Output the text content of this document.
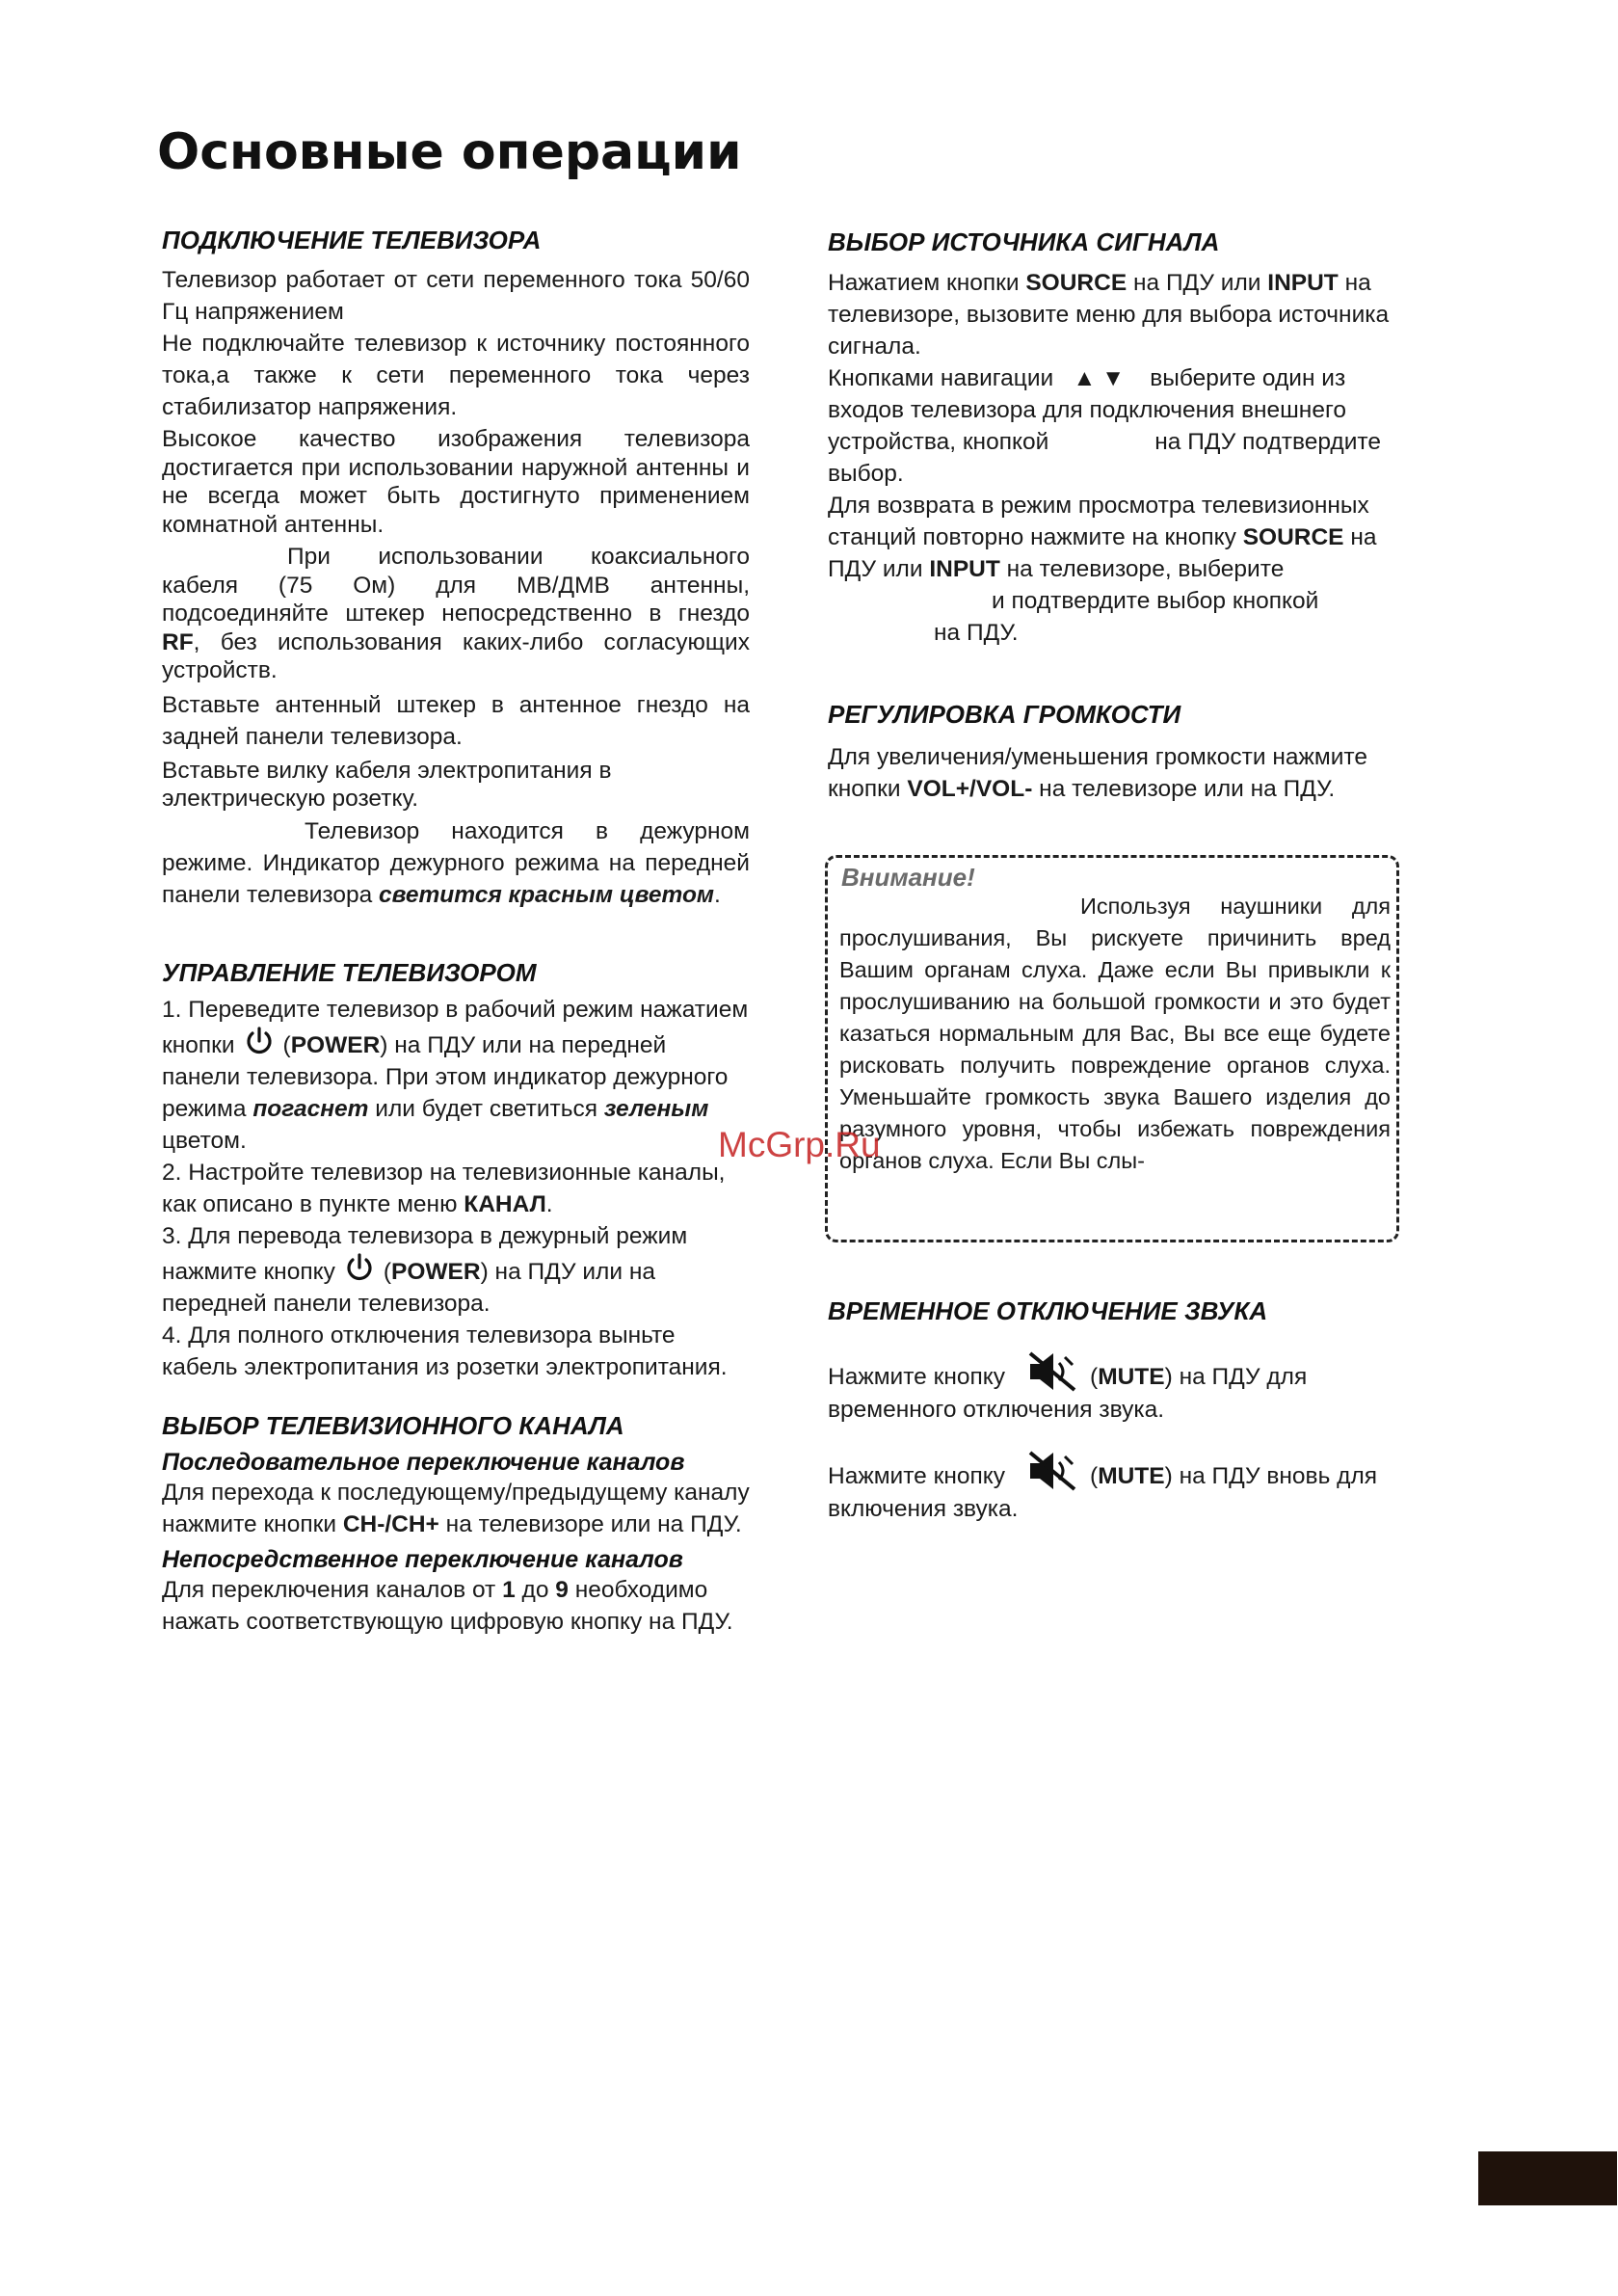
Основные операции
ПОДКЛЮЧЕНИЕ ТЕЛЕВИЗОРА

Телевизор работает от сети переменного тока 50/60 Гц напряжением

Не подключайте телевизор к источнику постоянного тока,а также к сети переменного тока через стабилизатор напряжения.

Высокое качество изображения телевизора достигается при использовании наружной антенны и не всегда может быть достигнуто применением комнатной антенны.

При использовании коаксиального кабеля (75 Ом) для МВ/ДМВ антенны, подсоединяйте штекер непосредственно в гнездо RF, без использования каких-либо согласующих устройств.

Вставьте антенный штекер в антенное гнездо на задней панели телевизора.

Вставьте вилку кабеля электропитания в электрическую розетку.

Телевизор находится в дежурном режиме. Индикатор дежурного режима на передней панели телевизора светится красным цветом.

УПРАВЛЕНИЕ ТЕЛЕВИЗОРОМ

1. Переведите телевизор в рабочий режим нажатием кнопки (POWER) на ПДУ или на передней панели телевизора. При этом индикатор дежурного режима погаснет или будет светиться зеленым цветом.

2. Настройте телевизор на телевизионные каналы, как описано в пункте меню КАНАЛ.

3. Для перевода телевизора в дежурный режим нажмите кнопку (POWER) на ПДУ или на передней панели телевизора.

4. Для полного отключения телевизора выньте кабель электропитания из розетки электропитания.

ВЫБОР ТЕЛЕВИЗИОННОГО КАНАЛА

Последовательное переключение каналов

Для перехода к последующему/предыдущему каналу нажмите кнопки CH-/CH+ на телевизоре или на ПДУ.

Непосредственное переключение каналов

Для переключения каналов от 1 до 9 необходимо нажать соответствующую цифровую кнопку на ПДУ.

ВЫБОР ИСТОЧНИКА СИГНАЛА

Нажатием кнопки SOURCE на ПДУ или INPUT на телевизоре, вызовите меню для выбора источника сигнала.

Кнопками навигации ▲▼ выберите один из входов телевизора для подключения внешнего устройства, кнопкой	на ПДУ подтвердите выбор.

Для возврата в режим просмотра телевизионных станций повторно нажмите на кнопку SOURCE на ПДУ или INPUT на телевизоре, выберитеи подтвердите выбор кнопкойна ПДУ.

РЕГУЛИРОВКА ГРОМКОСТИ

Для увеличения/уменьшения громкости нажмите кнопки VOL+/VOL- на телевизоре или на ПДУ.

ВРЕМЕННОЕ ОТКЛЮЧЕНИЕ ЗВУКА

Нажмите кнопку	(MUTE) на ПДУ для временного отключения звука.

Нажмите кнопку	(MUTE) на ПДУ вновь для включения звука.

Внимание!

Используя наушники для прослушивания, Вы рискуете причинить вред Вашим органам слуха. Даже если Вы привыкли к прослушиванию на большой громкости и это будет казаться нормальным для Вас, Вы все еще будете рисковать получить повреждение органов слуха. Уменьшайте громкость звука Вашего изделия до разумного уровня, чтобы избежать повреждения органов слуха. Если Вы слы-

McGrp.Ru
